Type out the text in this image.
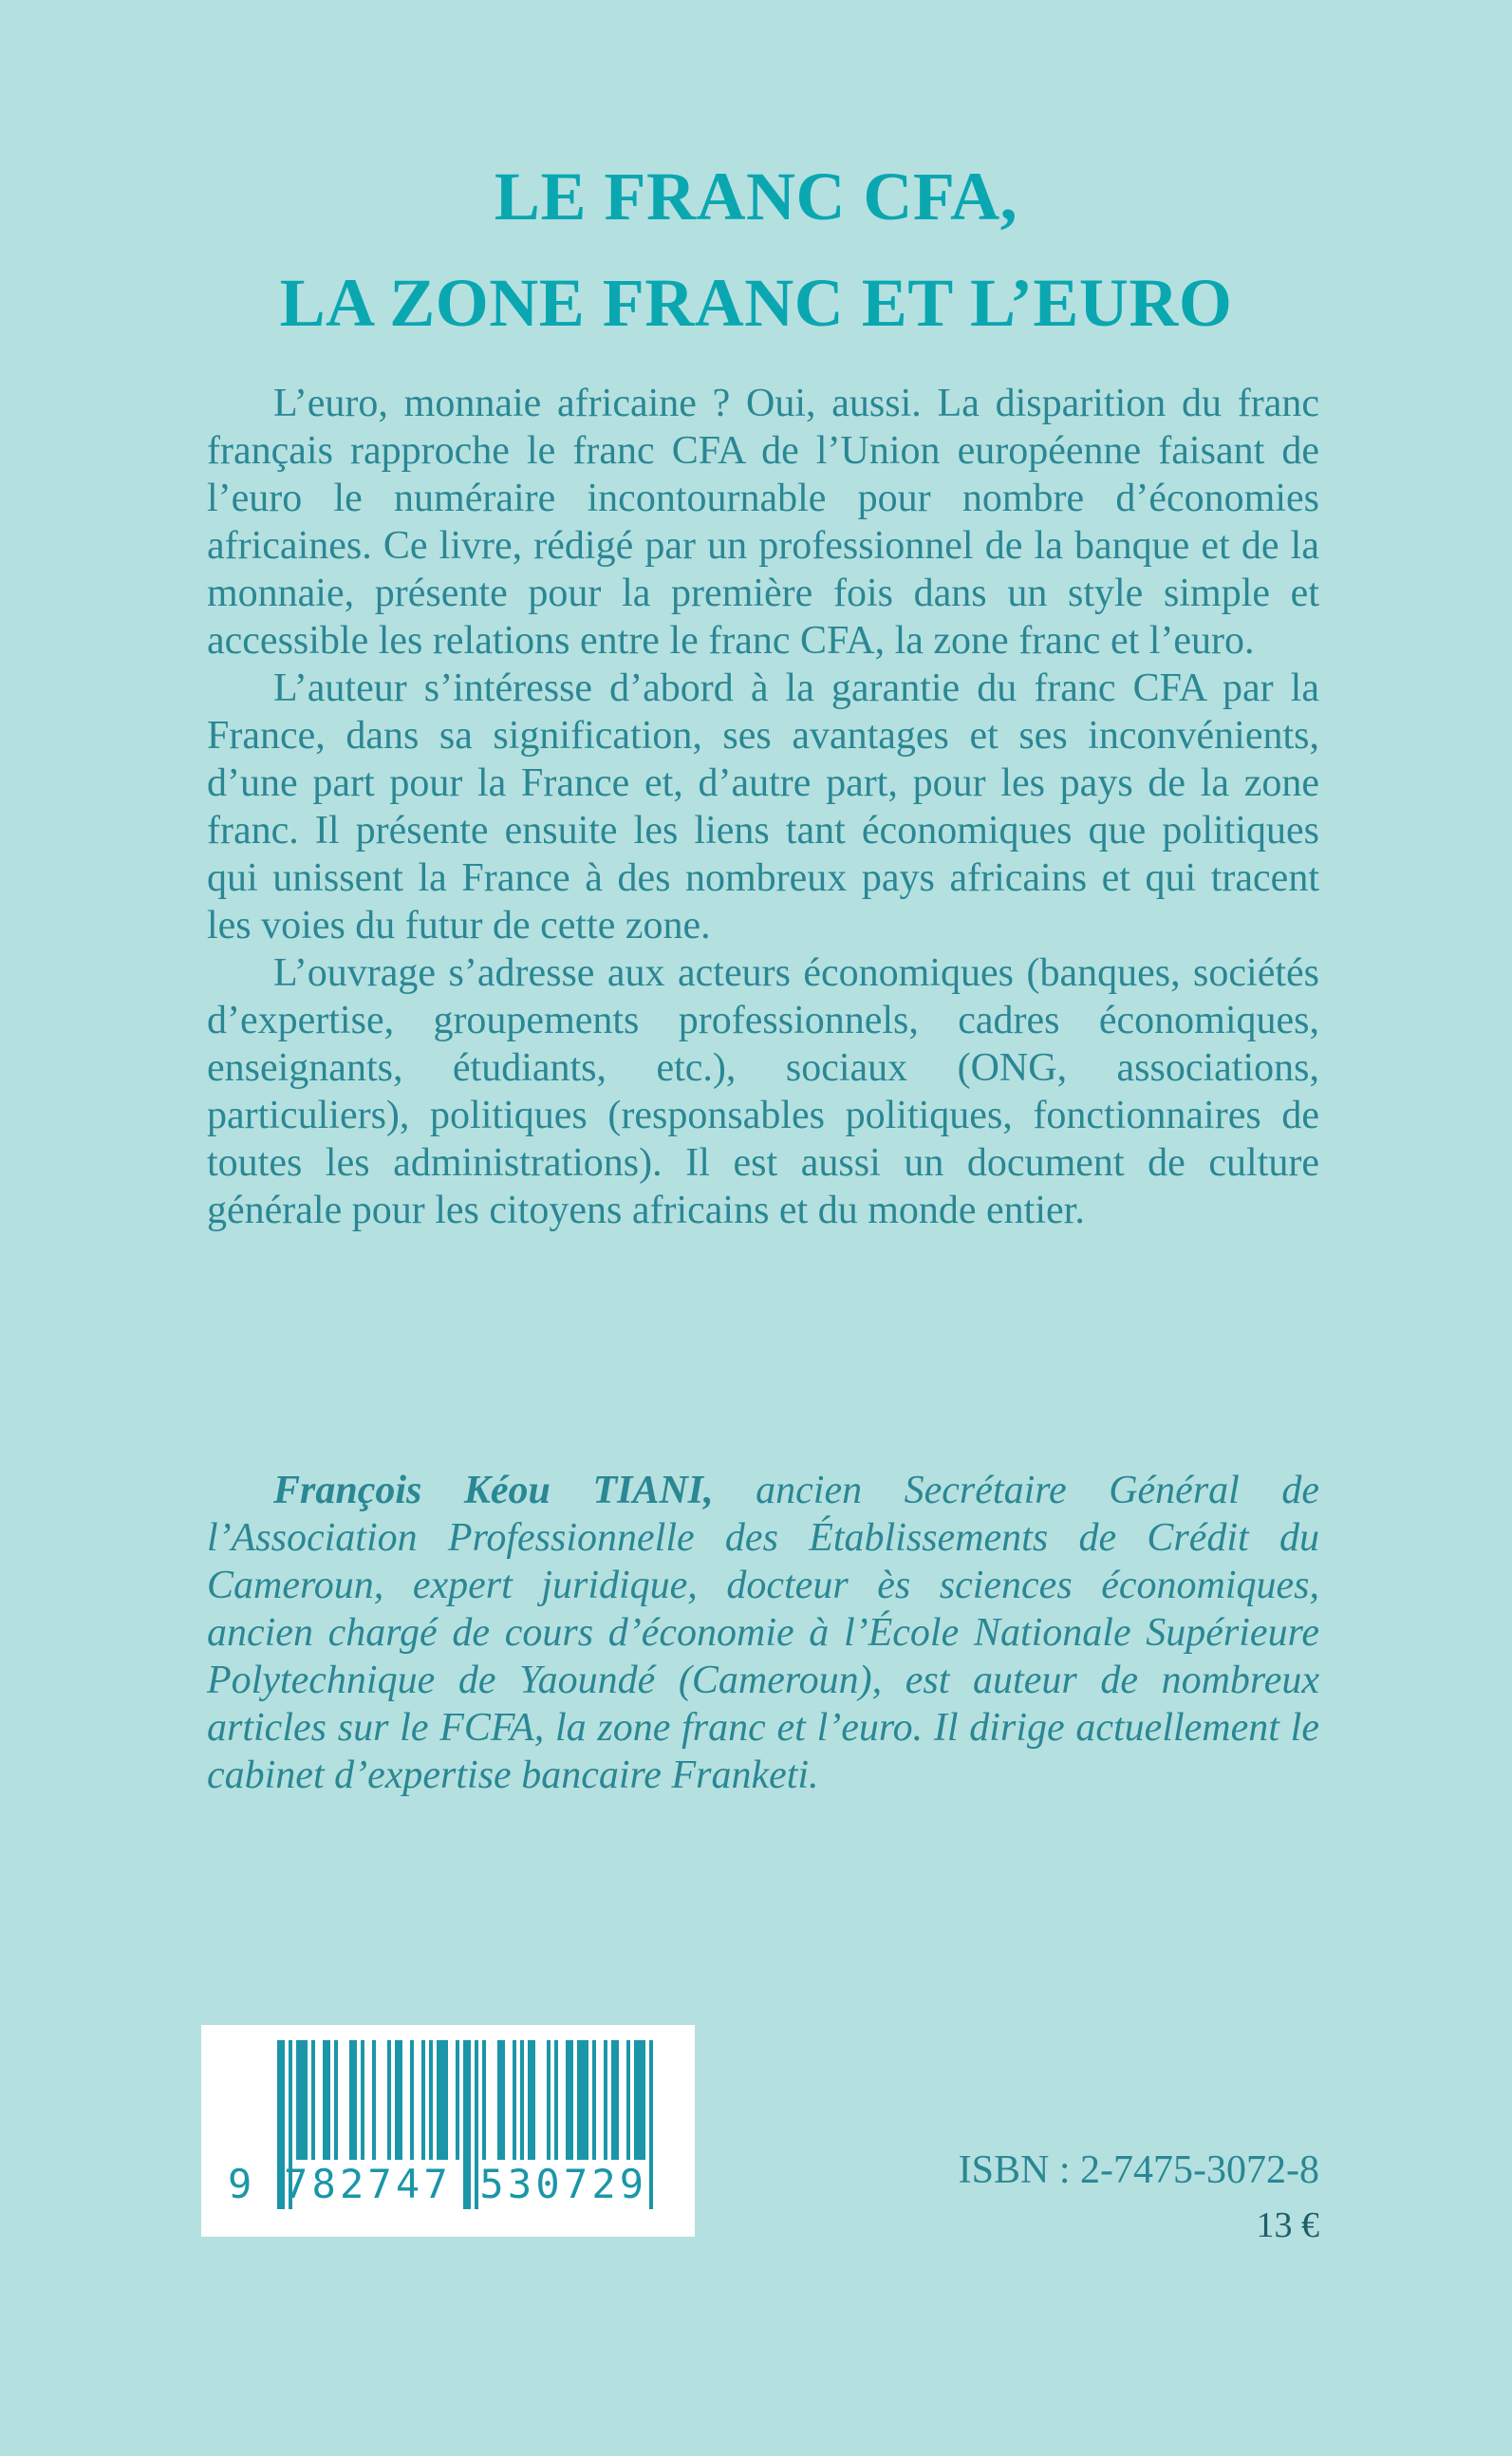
LE FRANC CFA,
LA ZONE FRANC ET L’EURO

L’euro, monnaie africaine ? Oui, aussi. La disparition du franc français rapproche le franc CFA de l’Union européenne faisant de l’euro le numéraire incontournable pour nombre d’économies africaines. Ce livre, rédigé par un professionnel de la banque et de la monnaie, présente pour la première fois dans un style simple et accessible les relations entre le franc CFA, la zone franc et l’euro.

L’auteur s’intéresse d’abord à la garantie du franc CFA par la France, dans sa signification, ses avantages et ses inconvénients, d’une part pour la France et, d’autre part, pour les pays de la zone franc. Il présente ensuite les liens tant économiques que politiques qui unissent la France à des nombreux pays africains et qui tracent les voies du futur de cette zone.

L’ouvrage s’adresse aux acteurs économiques (banques, sociétés d’expertise, groupements professionnels, cadres économiques, enseignants, étudiants, etc.), sociaux (ONG, associations, particuliers), politiques (responsables politiques, fonctionnaires de toutes les administrations). Il est aussi un document de culture générale pour les citoyens africains et du monde entier.

François Kéou TIANI, ancien Secrétaire Général de l’Association Professionnelle des Établissements de Crédit du Cameroun, expert juridique, docteur ès sciences économiques, ancien chargé de cours d’économie à l’École Nationale Supérieure Polytechnique de Yaoundé (Cameroun), est auteur de nombreux articles sur le FCFA, la zone franc et l’euro. Il dirige actuellement le cabinet d’expertise bancaire Franketi.

9 782747 530729	ISBN : 2-7475-3072-8
13 €
